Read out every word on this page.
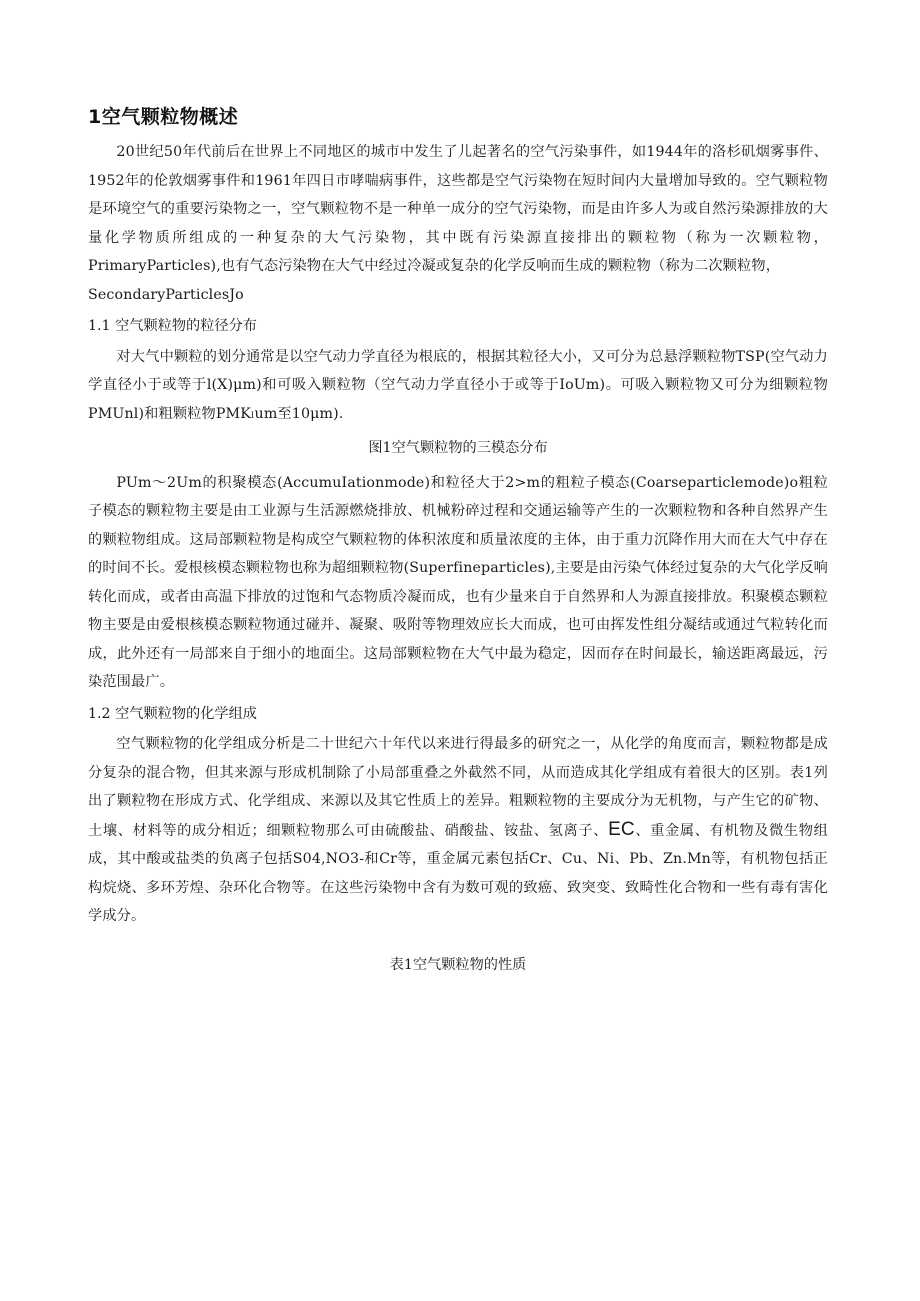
1空气颗粒物概述

20世纪50年代前后在世界上不同地区的城市中发生了儿起著名的空气污染事件，如1944年的洛杉矶烟雾事件、1952年的伦敦烟雾事件和1961年四日市哮喘病事件，这些都是空气污染物在短时间内大量增加导致的。空气颗粒物是环境空气的重要污染物之一，空气颗粒物不是一种单一成分的空气污染物，而是由许多人为或自然污染源排放的大量化学物质所组成的一种复杂的大气污染物，其中既有污染源直接排出的颗粒物（称为一次颗粒物，PrimaryParticles),也有气态污染物在大气中经过冷凝或复杂的化学反响而生成的颗粒物（称为二次颗粒物，

SecondaryParticlesJo

1.1 空气颗粒物的粒径分布

对大气中颗粒的划分通常是以空气动力学直径为根底的，根据其粒径大小，又可分为总悬浮颗粒物TSP(空气动力学直径小于或等于l(X)μm)和可吸入颗粒物（空气动力学直径小于或等于IoUm)。可吸入颗粒物又可分为细颗粒物PMUnl)和粗颗粒物PMKₗum至10μm).

图1空气颗粒物的三模态分布

PUm～2Um的积聚模态(AccumuIationmode)和粒径大于2>m的粗粒子模态(Coarseparticlemode)o粗粒子模态的颗粒物主要是由工业源与生活源燃烧排放、机械粉碎过程和交通运输等产生的一次颗粒物和各种自然界产生的颗粒物组成。这局部颗粒物是构成空气颗粒物的体积浓度和质量浓度的主体，由于重力沉降作用大而在大气中存在的时间不长。爱根核模态颗粒物也称为超细颗粒物(Superfineparticles),主要是由污染气体经过复杂的大气化学反响转化而成，或者由高温下排放的过饱和气态物质冷凝而成，也有少量来自于自然界和人为源直接排放。积聚模态颗粒物主要是由爱根核模态颗粒物通过碰并、凝聚、吸附等物理效应长大而成，也可由挥发性组分凝结或通过气粒转化而成，此外还有一局部来自于细小的地面尘。这局部颗粒物在大气中最为稳定，因而存在时间最长，输送距离最远，污染范围最广。

1.2 空气颗粒物的化学组成

空气颗粒物的化学组成分析是二十世纪六十年代以来进行得最多的研究之一，从化学的角度而言，颗粒物都是成分复杂的混合物，但其来源与形成机制除了小局部重叠之外截然不同，从而造成其化学组成有着很大的区别。表1列出了颗粒物在形成方式、化学组成、来源以及其它性质上的差异。粗颗粒物的主要成分为无机物，与产生它的矿物、土壤、材料等的成分相近；细颗粒物那么可由硫酸盐、硝酸盐、铵盐、氢离子、EC、重金属、有机物及微生物组成，其中酸或盐类的负离子包括S04,NO3-和Cr等，重金属元素包括Cr、Cu、Ni、Pb、Zn.Mn等，有机物包括正构烷烧、多环芳煌、杂环化合物等。在这些污染物中含有为数可观的致癌、致突变、致畸性化合物和一些有毒有害化学成分。

表1空气颗粒物的性质
